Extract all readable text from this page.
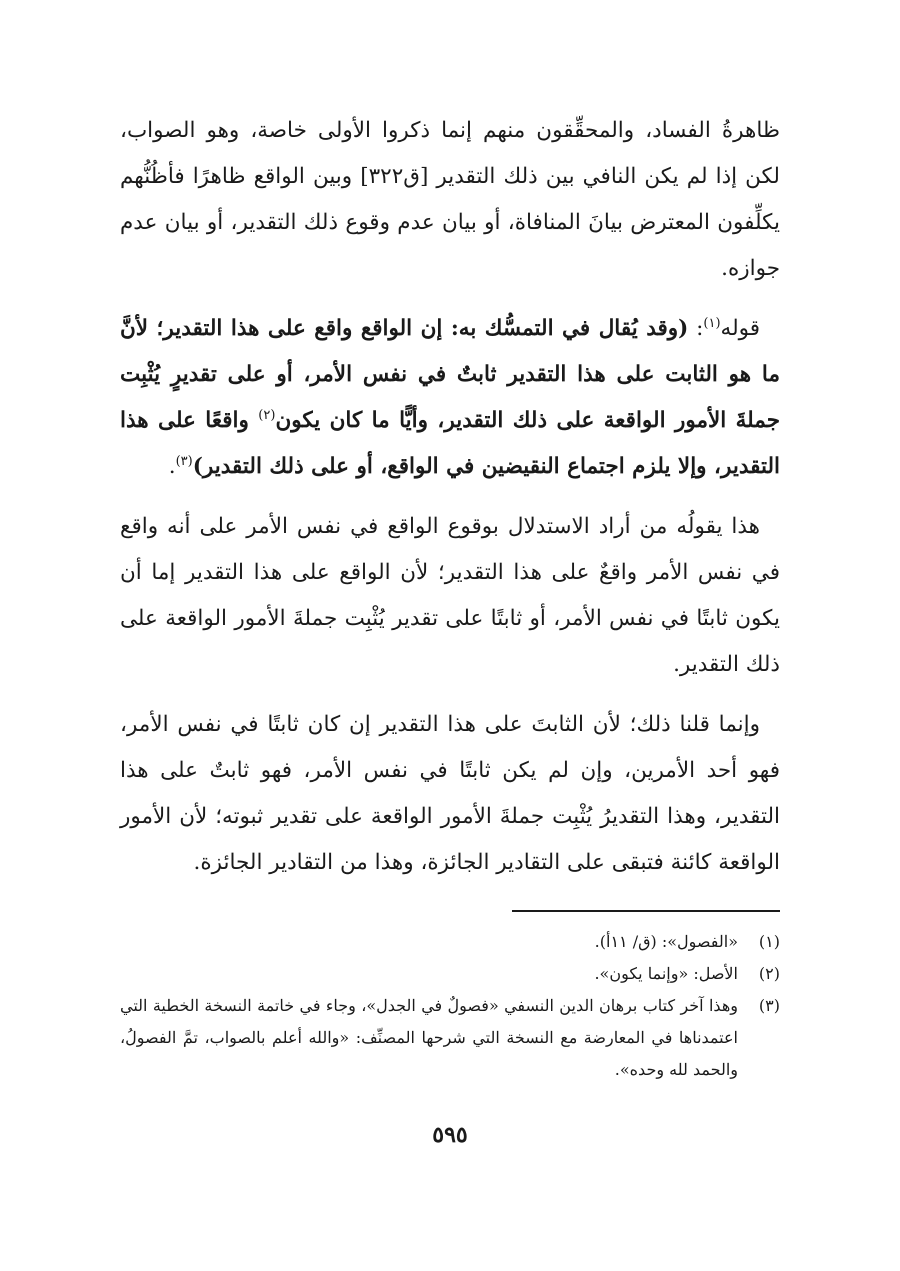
ظاهرةُ الفساد، والمحقِّقون منهم إنما ذكروا الأولى خاصة، وهو الصواب، لكن إذا لم يكن النافي بين ذلك التقدير [ق٣٢٢] وبين الواقع ظاهرًا فأظُنُّهم يكلِّفون المعترض بيانَ المنافاة، أو بيان عدم وقوع ذلك التقدير، أو بيان عدم جوازه.

قوله$^{(١)}$: (وقد يُقال في التمسُّك به: إن الواقع واقع على هذا التقدير؛ لأنَّ ما هو الثابت على هذا التقدير ثابتٌ في نفس الأمر، أو على تقديرٍ يُثْبِت جملةَ الأمور الواقعة على ذلك التقدير، وأيًّا ما كان يكون$^{(٢)}$ واقعًا على هذا التقدير، وإلا يلزم اجتماع النقيضين في الواقع، أو على ذلك التقدير)$^{(٣)}$.

هذا يقولُه من أراد الاستدلال بوقوع الواقع في نفس الأمر على أنه واقع في نفس الأمر واقعٌ على هذا التقدير؛ لأن الواقع على هذا التقدير إما أن يكون ثابتًا في نفس الأمر، أو ثابتًا على تقدير يُثْبِت جملةَ الأمور الواقعة على ذلك التقدير.

وإنما قلنا ذلك؛ لأن الثابتَ على هذا التقدير إن كان ثابتًا في نفس الأمر، فهو أحد الأمرين، وإن لم يكن ثابتًا في نفس الأمر، فهو ثابتٌ على هذا التقدير، وهذا التقديرُ يُثْبِت جملةَ الأمور الواقعة على تقدير ثبوته؛ لأن الأمور الواقعة كائنة فتبقى على التقادير الجائزة، وهذا من التقادير الجائزة.

(١)
«الفصول»: (ق/ ١١أ).
(٢)
الأصل: «وإنما يكون».
(٣)
وهذا آخر كتاب برهان الدين النسفي «فصولٌ في الجدل»، وجاء في خاتمة النسخة الخطية التي اعتمدناها في المعارضة مع النسخة التي شرحها المصنِّف: «والله أعلم بالصواب، تمَّ الفصولُ، والحمد لله وحده».
٥٩٥
